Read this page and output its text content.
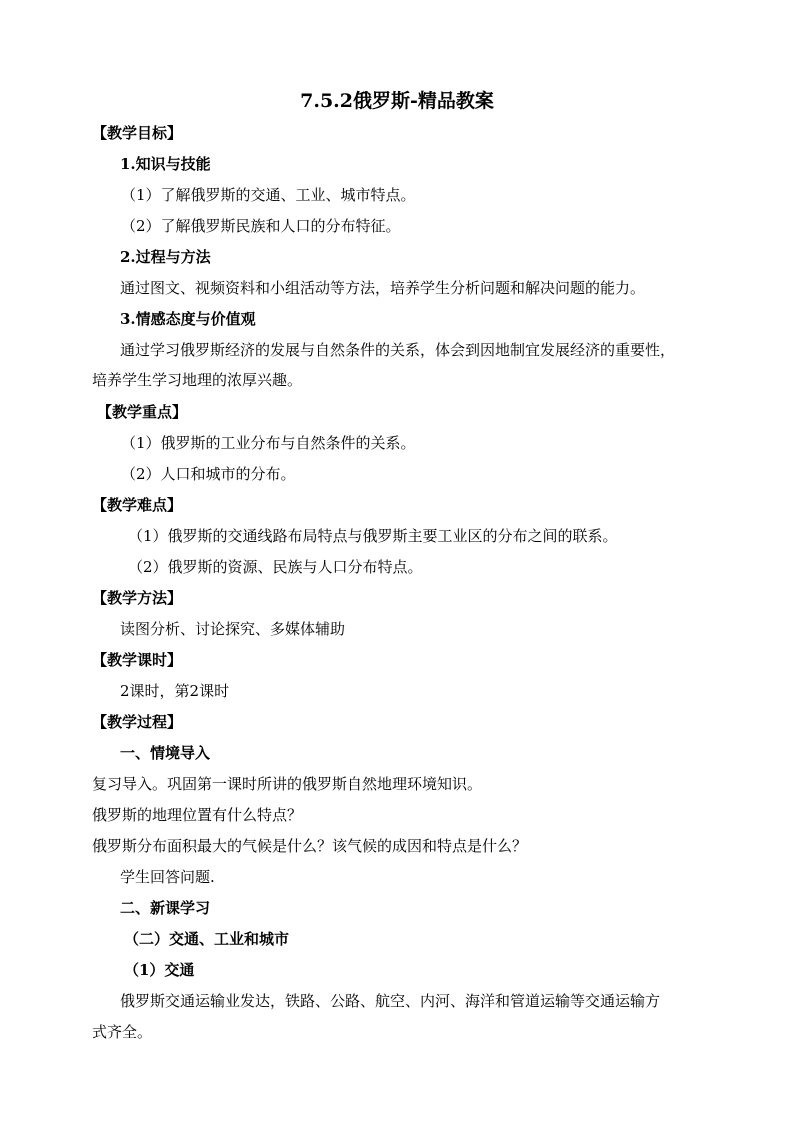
7.5.2俄罗斯-精品教案
【教学目标】
1.知识与技能
（1）了解俄罗斯的交通、工业、城市特点。
（2）了解俄罗斯民族和人口的分布特征。
2.过程与方法
通过图文、视频资料和小组活动等方法，培养学生分析问题和解决问题的能力。
3.情感态度与价值观
通过学习俄罗斯经济的发展与自然条件的关系，体会到因地制宜发展经济的重要性，
培养学生学习地理的浓厚兴趣。
【教学重点】
（1）俄罗斯的工业分布与自然条件的关系。
（2）人口和城市的分布。
【教学难点】
（1）俄罗斯的交通线路布局特点与俄罗斯主要工业区的分布之间的联系。
（2）俄罗斯的资源、民族与人口分布特点。
【教学方法】
读图分析、讨论探究、多媒体辅助
【教学课时】
2课时，第2课时
【教学过程】
一、情境导入
复习导入。巩固第一课时所讲的俄罗斯自然地理环境知识。
俄罗斯的地理位置有什么特点？
俄罗斯分布面积最大的气候是什么？该气候的成因和特点是什么？
学生回答问题.
二、新课学习
（二）交通、工业和城市
（1）交通
俄罗斯交通运输业发达，铁路、公路、航空、内河、海洋和管道运输等交通运输方
式齐全。
